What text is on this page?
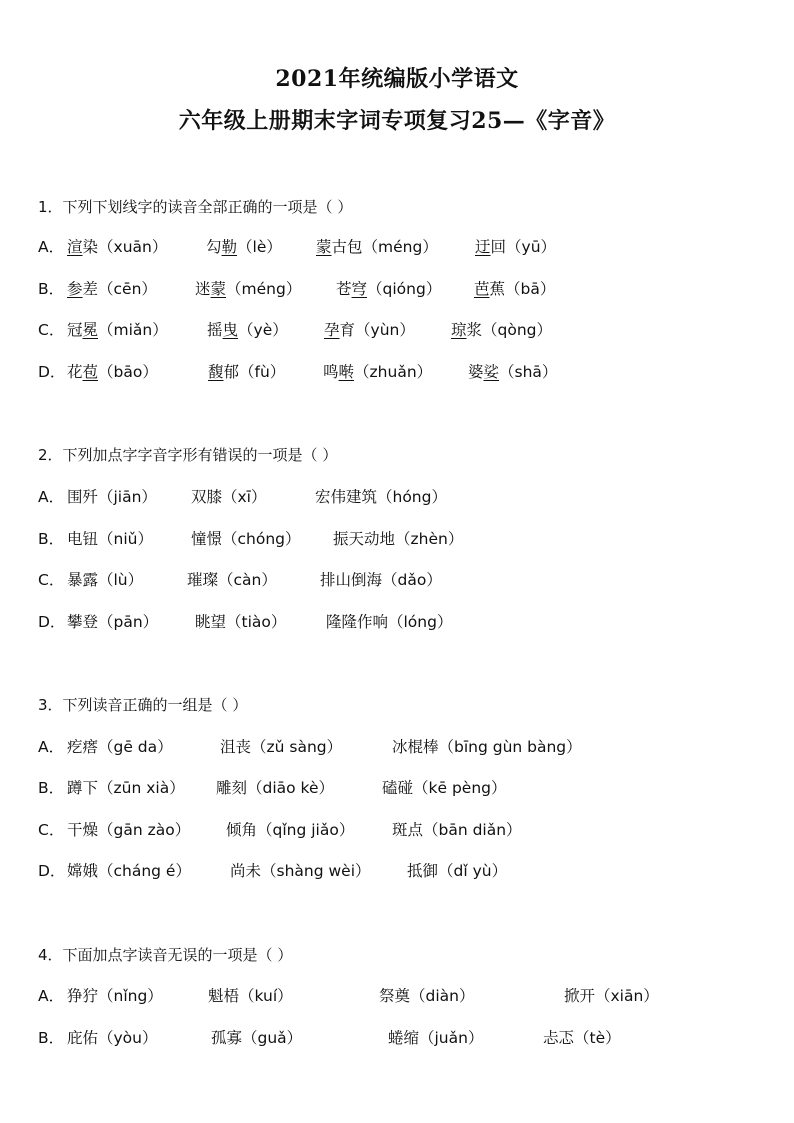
2021年统编版小学语文
六年级上册期末字词专项复习25—《字音》
1．下列下划线字的读音全部正确的一项是（ ）
A． 渲染（xuān） 勾勒（lè） 蒙古包（méng） 迂回（yū）
B． 参差（cēn） 迷蒙（méng） 苍穹（qióng） 芭蕉（bā）
C． 冠冕（miǎn）	摇曳（yè） 孕育（yùn） 琼浆（qòng）
D． 花苞（bāo）	馥郁（fù） 鸣啭（zhuǎn） 婆娑（shā）
2．下列加点字字音字形有错误的一项是（ ）
A． 围歼（jiān） 双膝（xī）	宏伟建筑（hóng）
B． 电钮（niǔ） 憧憬（chóng） 振天动地（zhèn）
C． 暴露（lù）	璀璨（càn）	排山倒海（dǎo）
D． 攀登（pān） 眺望（tiào）	隆隆作响（lóng）
3．下列读音正确的一组是（ ）
A． 疙瘩（gē da）	沮丧（zǔ sàng）	冰棍棒（bīng gùn bàng）
B． 蹲下（zūn xià） 雕刻（diāo kè）	磕碰（kē pèng）
C． 干燥（gān zào） 倾角（qǐng jiǎo） 斑点（bān diǎn）
D． 嫦娥（cháng é）	尚未（shàng wèi） 抵御（dǐ yù）
4．下面加点字读音无误的一项是（ ）
A． 狰狞（nǐng）	魁梧（kuí）	祭奠（diàn）	掀开（xiān）
B． 庇佑（yòu）	孤寡（guǎ）	蜷缩（juǎn）	忐忑（tè）
